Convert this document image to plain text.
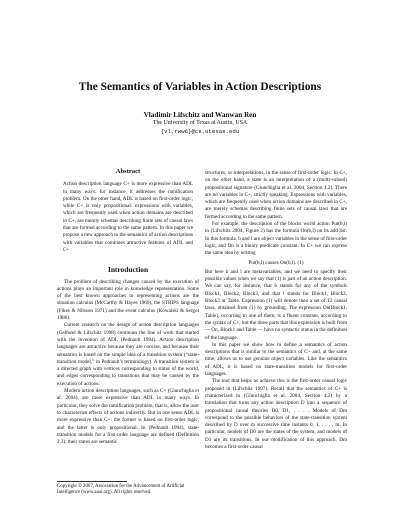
The Semantics of Variables in Action Descriptions
Vladimir Lifschitz and Wanwan Ren
The University of Texas at Austin, USA
{vl,rww6}@cs.utexas.edu
Abstract

Action description language C+ is more expressive than ADL in many ways; for instance, it addresses the ramification problem. On the other hand, ADL is based on first-order logic, while C+ is only propositional: expressions with variables, which are frequently used when action domains are described in C+, are merely schemas describing finite sets of causal laws that are formed according to the same pattern. In this paper we propose a new approach to the semantics of action descriptions with variables that combines attractive features of ADL and C+.

Introduction

The problem of describing changes caused by the execution of actions plays an important role in knowledge representation. Some of the best known approaches to representing actions are the situation calculus (McCarthy & Hayes 1969), the STRIPS language (Fikes & Nilsson 1971) and the event calculus (Kowalski & Sergot 1986).

Current research on the design of action description languages (Gelfond & Lifschitz 1998) continues the line of work that started with the invention of ADL (Pednault 1994). Action description languages are attractive because they are concise, and because their semantics is based on the simple idea of a transition system (“state-transition model,” in Pednault’s terminology). A transition system is a directed graph with vertices corresponding to states of the world, and edges corresponding to transitions that may be caused by the execution of actions.

Modern action description languages, such as C+ (Giunchiglia et al. 2004), are more expressive than ADL in many ways. In particular, they solve the ramification problem, that is, allow the user to characterize effects of actions indirectly. But in one sense ADL is more expressive than C+: the former is based on first-order logic, and the latter is only propositional. In (Pednault 1994), state-transition models for a first-order language are defined (Definition 2.3); their states are semantic

structures, or interpretations, in the sense of first-order logic. In C+, on the other hand, a state is an interpretation of a (multi-valued) propositional signature (Giunchiglia et al. 2004, Section 4.2). There are no variables in C+, strictly speaking. Expressions with variables, which are frequently used when action domains are described in C+, are merely schemas describing finite sets of causal laws that are formed according to the same pattern.

For example, the description of the blocks world action Put(b,l) in (Lifschitz 2004, Figure 2) has the formula On(b,l) on its add list. In this formula, b and l are object variables in the sense of first-order logic, and On is a binary predicate constant. In C+ we can express the same idea by writing

Put(b,l) causes On(b,l). (1)

But here b and l are metavariables, and we need to specify their possible values when we say that (1) is part of an action description. We can say, for instance, that b stands for any of the symbols Block1, Block2, Block3, and that l stands for Block1, Block2, Block3 or Table. Expression (1) will denote then a set of 12 causal laws, obtained from (1) by grounding. The expression On(Block1, Table), occurring in one of them, is a fluent constant, according to the syntax of C+, but the three parts that this expression is built from — On, Block1 and Table — have no syntactic status in the definition of the language.

In this paper we show how to define a semantics of action descriptions that is similar to the semantics of C+ and, at the same time, allows us to use genuine object variables. Like the semantics of ADL, it is based on state-transition models for first-order languages.

The tool that helps us achieve this is the first-order causal logic proposed in (Lifschitz 1997). Recall that the semantics of C+ is characterized in (Giunchiglia et al. 2004, Section 4.2) by a translation that turns any action description D into a sequence of propositional causal theories D0, D1, . . . . Models of Dm correspond to the possible behaviors of the state-transition system described by D over m successive time instants 0, 1, . . . , m. In particular, models of D0 are the states of the system, and models of D1 are its transitions. In our modification of this approach, Dm becomes a first-order causal

Copyright © 2007, Association for the Advancement of Artificial Intelligence (www.aaai.org). All rights reserved.
